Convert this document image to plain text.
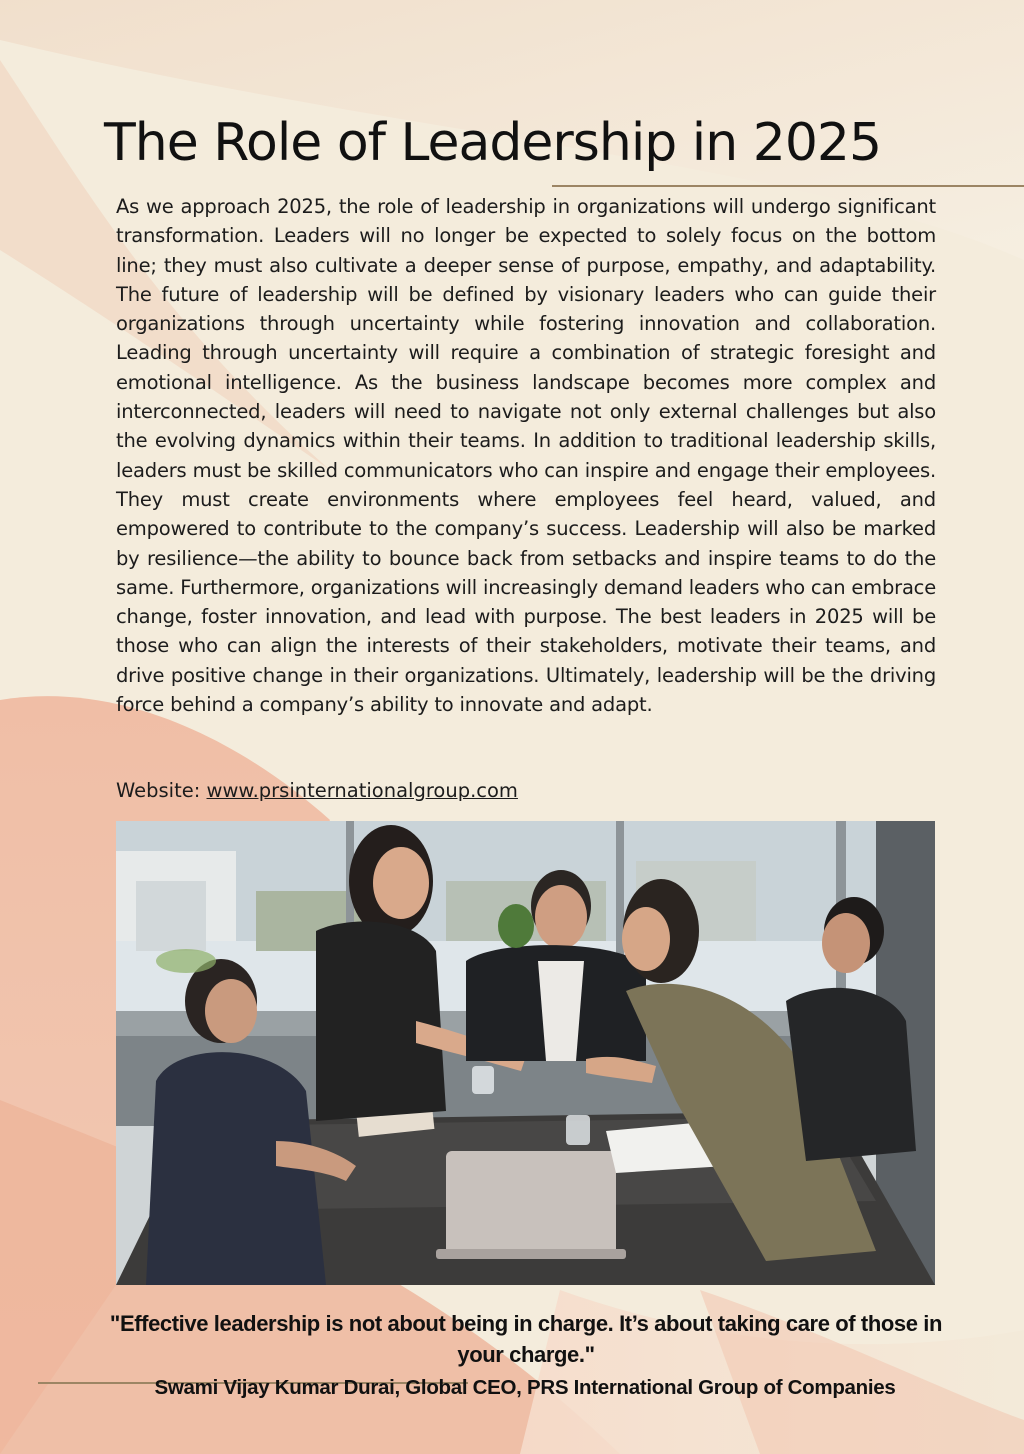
The Role of Leadership in 2025

As we approach 2025, the role of leadership in organizations will undergo significant transformation. Leaders will no longer be expected to solely focus on the bottom line; they must also cultivate a deeper sense of purpose, empathy, and adaptability. The future of leadership will be defined by visionary leaders who can guide their organizations through uncertainty while fostering innovation and collaboration. Leading through uncertainty will require a combination of strategic foresight and emotional intelligence. As the business landscape becomes more complex and interconnected, leaders will need to navigate not only external challenges but also the evolving dynamics within their teams. In addition to traditional leadership skills, leaders must be skilled communicators who can inspire and engage their employees. They must create environments where employees feel heard, valued, and empowered to contribute to the company’s success. Leadership will also be marked by resilience—the ability to bounce back from setbacks and inspire teams to do the same. Furthermore, organizations will increasingly demand leaders who can embrace change, foster innovation, and lead with purpose. The best leaders in 2025 will be those who can align the interests of their stakeholders, motivate their teams, and drive positive change in their organizations. Ultimately, leadership will be the driving force behind a company’s ability to innovate and adapt.

Website: www.prsinternationalgroup.com

"Effective leadership is not about being in charge. It’s about taking care of those in your charge."

Swami Vijay Kumar Durai, Global CEO, PRS International Group of Companies
